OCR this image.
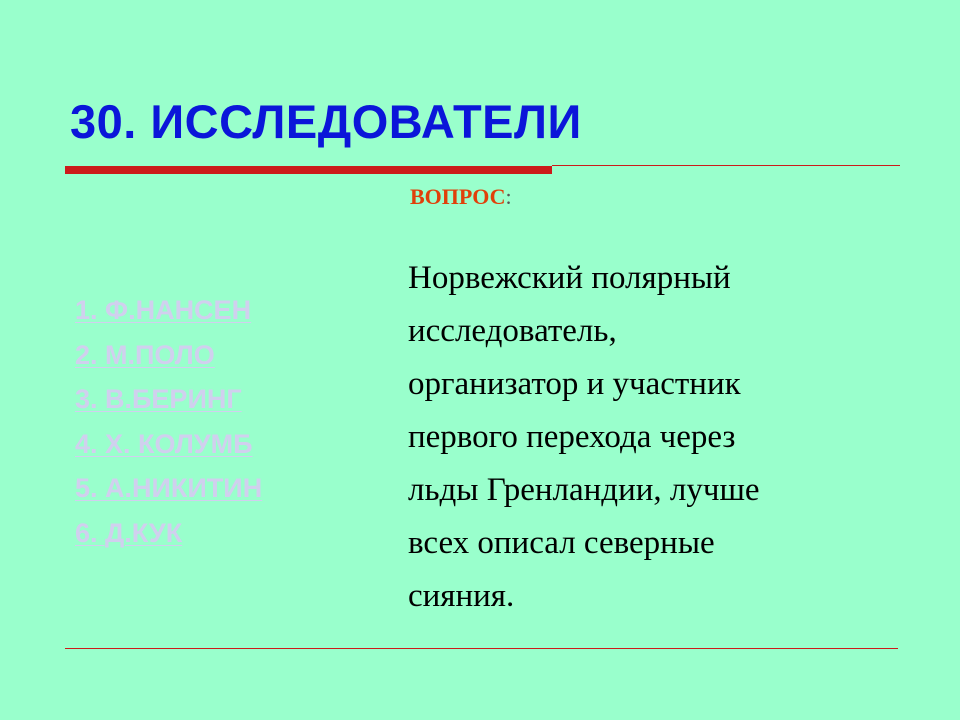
30. ИССЛЕДОВАТЕЛИ
ВОПРОС:
1. Ф.НАНСЕН
2. М.ПОЛО
3. В.БЕРИНГ
4. Х. КОЛУМБ
5. А.НИКИТИН
6. Д.КУК
Норвежский полярный
исследователь,
организатор и участник
первого перехода через
льды Гренландии, лучше
всех описал северные
сияния.
